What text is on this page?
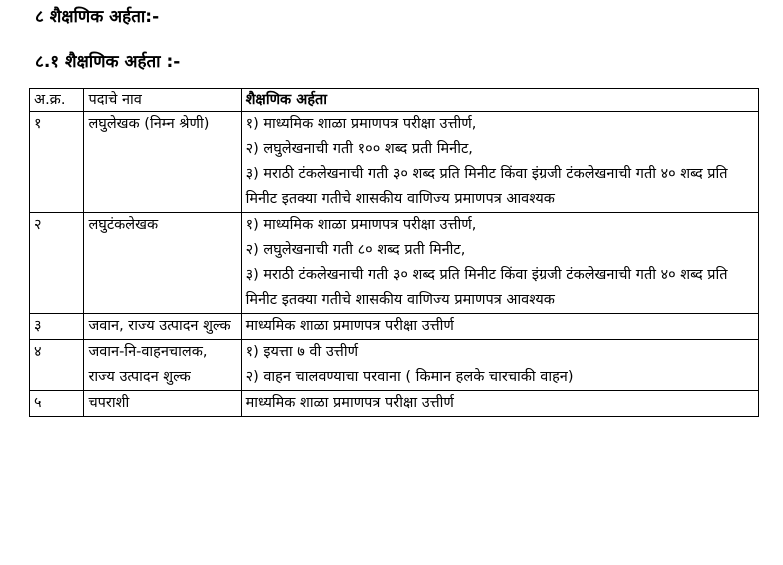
८ शैक्षणिक अर्हता:-
८.१ शैक्षणिक अर्हता :-
अ.क्र.	पदाचे नाव	शैक्षणिक अर्हता
१	लघुलेखक (निम्न श्रेणी)	१) माध्यमिक शाळा प्रमाणपत्र परीक्षा उत्तीर्ण,
२) लघुलेखनाची गती १०० शब्द प्रती मिनीट,
३) मराठी टंकलेखनाची गती ३० शब्द प्रति मिनीट किंवा इंग्रजी टंकलेखनाची गती ४० शब्द प्रति मिनीट इतक्या गतीचे शासकीय वाणिज्य प्रमाणपत्र आवश्यक

२	लघुटंकलेखक	१) माध्यमिक शाळा प्रमाणपत्र परीक्षा उत्तीर्ण,
२) लघुलेखनाची गती ८० शब्द प्रती मिनीट,
३) मराठी टंकलेखनाची गती ३० शब्द प्रति मिनीट किंवा इंग्रजी टंकलेखनाची गती ४० शब्द प्रति मिनीट इतक्या गतीचे शासकीय वाणिज्य प्रमाणपत्र आवश्यक

३	जवान, राज्य उत्पादन शुल्क	माध्यमिक शाळा प्रमाणपत्र परीक्षा उत्तीर्ण

४	जवान-नि-वाहनचालक, राज्य उत्पादन शुल्क	१) इयत्ता ७ वी उत्तीर्ण
२) वाहन चालवण्याचा परवाना ( किमान हलके चारचाकी वाहन)

५	चपराशी	माध्यमिक शाळा प्रमाणपत्र परीक्षा उत्तीर्ण
